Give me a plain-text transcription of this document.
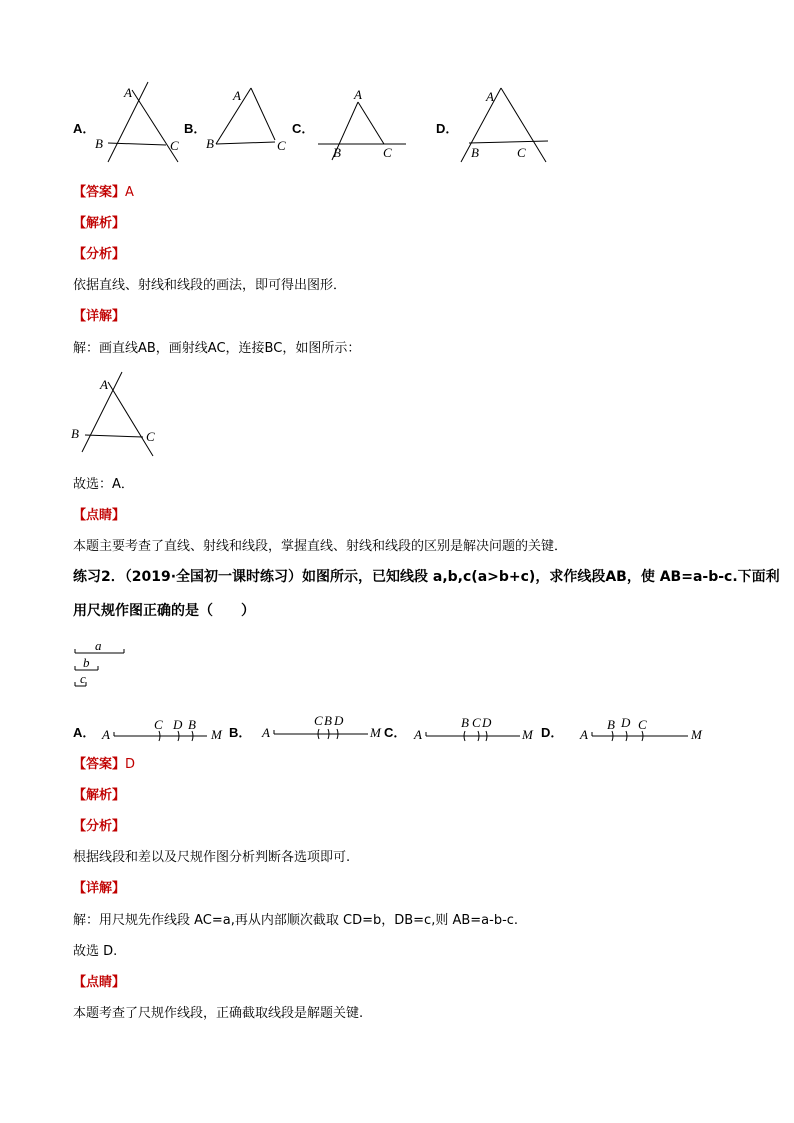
A．
A
B	C
B．
A
B	C
C．
A
B	C
D．
A
B	C
【答案】A
【解析】
【分析】
依据直线、射线和线段的画法，即可得出图形．
【详解】
解：画直线AB，画射线AC，连接BC，如图所示：
A
B	C
故选：A．
【点睛】
本题主要考查了直线、射线和线段，掌握直线、射线和线段的区别是解决问题的关键．
练习2．（2019·全国初一课时练习）如图所示，已知线段 a,b,c(a>b+c)，求作线段AB，使 AB=a-b-c.下面利
用尺规作图正确的是（　　）
a
b
c
A． A
C D B
M B． A
C B D
M C． A
B C D
M D． A
B D C
M
【答案】D
【解析】
【分析】
根据线段和差以及尺规作图分析判断各选项即可.
【详解】
解：用尺规先作线段 AC=a,再从内部顺次截取 CD=b，DB=c,则 AB=a-b-c.
故选 D.
【点睛】
本题考查了尺规作线段，正确截取线段是解题关键.
